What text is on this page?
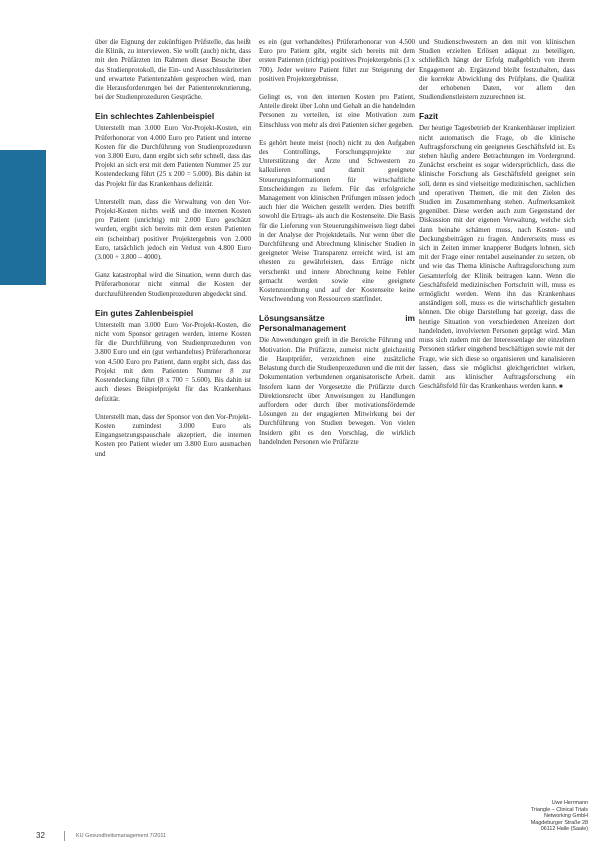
UNIKLINIKEN

über die Eignung der zukünftigen Prüfstelle, das heißt die Klinik, zu interviewen. Sie wollt (auch) nicht, dass mit den Prüfärzten im Rahmen dieser Besuche über das Studienprotokoll, die Ein- und Ausschlusskriterien und erwartete Patientenzahlen gesprochen wird, man die Herausforderungen bei der Patientenrekrutierung, bei der Studienprozeduren Gespräche.

Ein schlechtes Zahlenbeispiel

Unterstellt man 3.000 Euro Vor-Projekt-Kosten, ein Prüferhonorar von 4.000 Euro pro Patient und interne Kosten für die Durchführung von Studienprozeduren von 3.800 Euro, dann ergibt sich sehr schnell, dass das Projekt an sich erst mit dem Patienten Nummer 25 zur Kostendeckung führt (25 x 200 = 5.000). Bis dahin ist das Projekt für das Krankenhaus defizitär.

Unterstellt man, dass die Verwaltung von den Vor-Projekt-Kosten nichts weiß und die internen Kosten pro Patient (unrichtig) mit 2.000 Euro geschätzt wurden, ergibt sich bereits mit dem ersten Patienten ein (scheinbar) positiver Projektergebnis von 2.000 Euro, tatsächlich jedoch ein Verlust von 4.800 Euro (3.000 + 3.800 – 4000).

Ganz katastrophal wird die Situation, wenn durch das Prüferarhonorar nicht einmal die Kosten der durchzuführenden Studienprozeduren abgedeckt sind.

Ein gutes Zahlenbeispiel

Unterstellt man 3.000 Euro Vor-Projekt-Kosten, die nicht vom Sponsor getragen werden, interne Kosten für die Durchführung von Studienprozeduren von 3.800 Euro und ein (gut verhandeltes) Prüferarhonorar von 4.500 Euro pro Patient, dann ergibt sich, dass das Projekt mit dem Patienten Nummer 8 zur Kostendeckung führt (8 x 700 = 5.600). Bis dahin ist auch dieses Beispielprojekt für das Krankenhaus defizitär.

Unterstellt man, dass der Sponsor von den Vor-Projekt-Kosten zumindest 3.000 Euro als Eingangsetzungspauschale akzeptiert, die internen Kosten pro Patient wieder um 3.800 Euro ausmachen und

es ein (gut verhandeltes) Prüferarhonorar von 4.500 Euro pro Patient gibt, ergibt sich bereits mit dem ersten Patienten (richtig) positives Projektergebnis (3 x 700). Jeder weitere Patient führt zur Steigerung der positiven Projektergebnisse.

Gelingt es, von den internen Kosten pro Patient, Anteile direkt über Lohn und Gehalt an die handelnden Personen zu verteilen, ist eine Motivation zum Einschluss von mehr als drei Patienten sicher gegeben.

Es gehört heute meist (noch) nicht zu den Aufgaben des Controllings, Forschungsprojekte zur Unterstützung der Ärzte und Schwestern zu kalkulieren und damit geeignete Steuerungsinformationen für wirtschaftliche Entscheidungen zu liefern. Für das erfolgreiche Management von klinischen Prüfungen müssen jedoch auch hier die Weichen gestellt werden. Dies betrifft sowohl die Ertrags- als auch die Kostenseite. Die Basis für die Lieferung von Steuerungshinweisen liegt dabei in der Analyse der Projektdetails. Nur wenn über die Durchführung und Abrechnung klinischer Studien in geeigneter Weise Transparenz erreicht wird, ist am ehesten zu gewährleisten, dass Erträge nicht verschenkt und innere Abrechnung keine Fehler gemacht werden sowie eine geeignete Kostenzuordnung und auf der Kostenseite keine Verschwendung von Ressourcen stattfindet.

Lösungsansätze im Personalmanagement

Die Anwendungen greift in die Bereiche Führung und Motivation. Die Prüfärzte, zumeist nicht gleichzeitig die Hauptprüfer, verzeichnen eine zusätzliche Belastung durch die Studienprozeduren und die mit der Dokumentation verbundenen organisatorische Arbeit. Insofern kann der Vorgesetzte die Prüfärzte durch Direktionsrecht über Anweisungen zu Handlungen auffordern oder durch über motivationsfördernde Lösungen zu der engagierten Mitwirkung bei der Durchführung von Studien bewegen. Von vielen Insidern gibt es den Vorschlag, die wirklich handelnden Personen wie Prüfärzte

und Studienschwestern an den mit von klinischen Studien erzielten Erlösen adäquat zu beteiligen, schließlich hängt der Erfolg maßgeblich von ihrem Engagement ab. Ergänzend bleibt festzuhalten, dass die korrekte Abwicklung des Prüfplans, die Qualität der erhobenen Daten, vor allem den Studiendienstleistern zuzurechnen ist.

Fazit

Der heutige Tagesbetrieb der Krankenhäuser impliziert nicht automatisch die Frage, ob die klinische Auftragsforschung ein geeignetes Geschäftsfeld ist. Es stehen häufig andere Betrachtungen im Vordergrund. Zunächst erscheint es sogar widersprüchlich, dass die klinische Forschung als Geschäftsfeld geeignet sein soll, denn es sind vielseitige medizinischen, sachlichen und operativen Themen, die mit den Zielen des Studien im Zusammenhang stehen. Aufmerksamkeit gegenüber. Diese werden auch zum Gegenstand der Diskussion mit der eigenen Verwaltung, welche sich dann beinahe schämen muss, nach Kosten- und Deckungsbeiträgen zu fragen. Andererseits muss es sich in Zeiten immer knapperer Budgets lohnen, sich mit der Frage einer rentabel auseinander zu setzen, ob und wie das Thema klinische Auftragsforschung zum Gesamterfolg der Klinik beitragen kann. Wenn die Geschäftsfeld medizinischen Fortschritt will, muss es ermöglicht werden. Wenn ihn das Krankenhaus anständigen soll, muss es die wirtschaftlich gestalten können. Die obige Darstellung hat gezeigt, dass die heutige Situation von verschiedenen Anreizen dort handelnden, involvierten Personen geprägt wird. Man muss sich zudem mit der Interessenlage der einzelnen Personen stärker eingehend beschäftigen sowie mit der Frage, wie sich diese so organisieren und kanalisieren lassen, dass sie möglichst gleichgerichtet wirken, damit aus klinischer Auftragsforschung ein Geschäftsfeld für das Krankenhaus werden kann. ■

Uwe Herrmann
Triangle – Clinical Trials
Networking GmbH
Magdeburger Straße 28
06112 Halle (Saale)
32	KU Gesundheitsmanagement 7/2011
